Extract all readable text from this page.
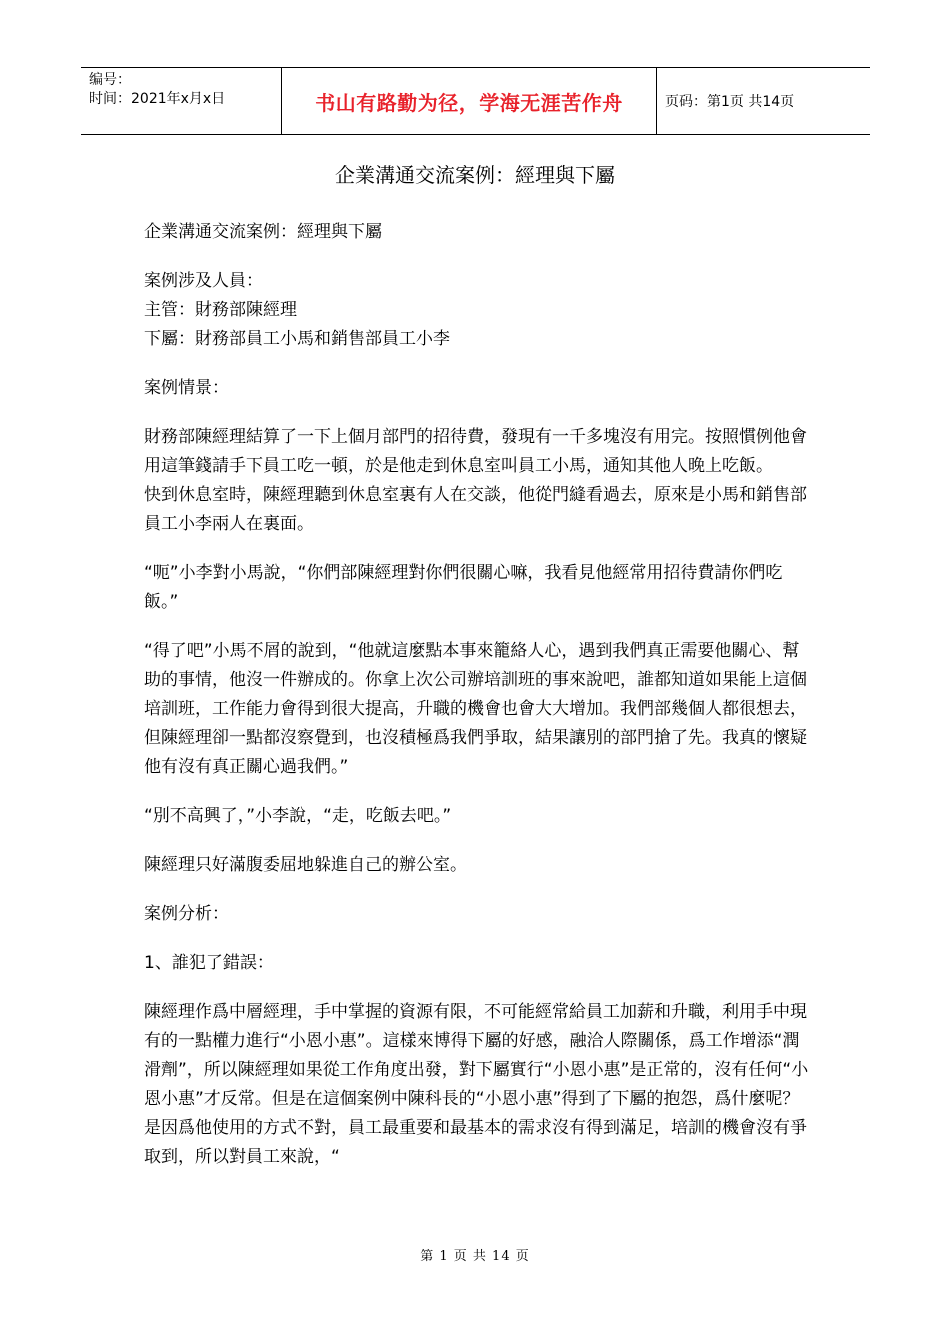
编号：
时间：2021年x月x日	书山有路勤为径，学海无涯苦作舟	页码：第1页 共14页
企業溝通交流案例：經理與下屬

企業溝通交流案例：經理與下屬

案例涉及人員：

主管：財務部陳經理

下屬：財務部員工小馬和銷售部員工小李

案例情景：

財務部陳經理結算了一下上個月部門的招待費，發現有一千多塊沒有用完。按照慣例他會用這筆錢請手下員工吃一頓，於是他走到休息室叫員工小馬，通知其他人晚上吃飯。

快到休息室時，陳經理聽到休息室裏有人在交談，他從門縫看過去，原來是小馬和銷售部員工小李兩人在裏面。

“呃”小李對小馬說，“你們部陳經理對你們很關心嘛，我看見他經常用招待費請你們吃飯。”

“得了吧”小馬不屑的說到，“他就這麼點本事來籠絡人心，遇到我們真正需要他關心、幫助的事情，他沒一件辦成的。你拿上次公司辦培訓班的事來說吧，誰都知道如果能上這個培訓班，工作能力會得到很大提高，升職的機會也會大大增加。我們部幾個人都很想去，但陳經理卻一點都沒察覺到，也沒積極爲我們爭取，結果讓別的部門搶了先。我真的懷疑他有沒有真正關心過我們。”

“別不高興了，”小李說，“走，吃飯去吧。”

陳經理只好滿腹委屈地躲進自己的辦公室。

案例分析：

1、誰犯了錯誤：

陳經理作爲中層經理，手中掌握的資源有限，不可能經常給員工加薪和升職，利用手中現有的一點權力進行“小恩小惠”。這樣來博得下屬的好感，融洽人際關係，爲工作增添“潤滑劑”，所以陳經理如果從工作角度出發，對下屬實行“小恩小惠”是正常的，沒有任何“小恩小惠”才反常。但是在這個案例中陳科長的“小恩小惠”得到了下屬的抱怨，爲什麼呢？是因爲他使用的方式不對，員工最重要和最基本的需求沒有得到滿足，培訓的機會沒有爭取到，所以對員工來說，“

第 1 页 共 14 页
